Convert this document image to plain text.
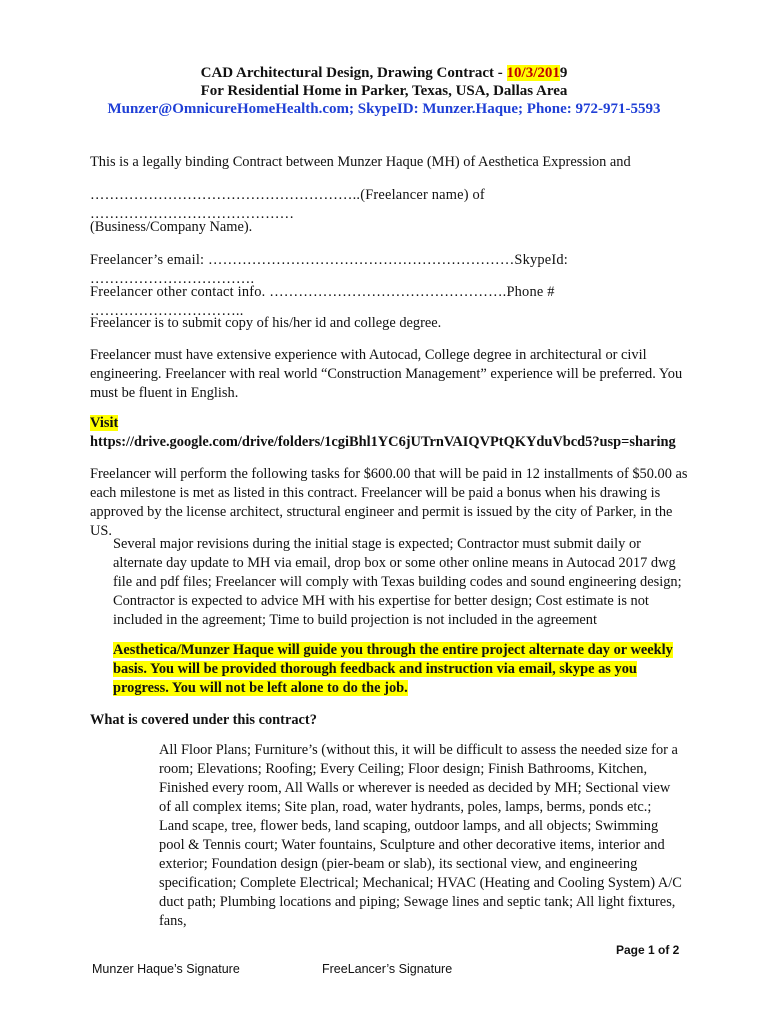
CAD Architectural Design, Drawing Contract - 10/3/2019
For Residential Home in Parker, Texas, USA, Dallas Area
Munzer@OmnicureHomeHealth.com; SkypeID: Munzer.Haque; Phone: 972-971-5593
This is a legally binding Contract between Munzer Haque (MH) of Aesthetica Expression and
………………………………………………..(Freelancer name) of ……………………………………
(Business/Company Name).
Freelancer’s email: ………………………………………………………SkypeId: …………………………….
Freelancer other contact info. ………………………………………….Phone # …………………………..
Freelancer is to submit copy of his/her id and college degree.
Freelancer must have extensive experience with Autocad, College degree in architectural or civil engineering. Freelancer with real world “Construction Management” experience will be preferred. You must be fluent in English.
Visit
https://drive.google.com/drive/folders/1cgiBhl1YC6jUTrnVAIQVPtQKYduVbcd5?usp=sharing
Freelancer will perform the following tasks for $600.00 that will be paid in 12 installments of $50.00 as each milestone is met as listed in this contract. Freelancer will be paid a bonus when his drawing is approved by the license architect, structural engineer and permit is issued by the city of Parker, in the US.
Several major revisions during the initial stage is expected; Contractor must submit daily or alternate day update to MH via email, drop box or some other online means in Autocad 2017 dwg file and pdf files; Freelancer will comply with Texas building codes and sound engineering design; Contractor is expected to advice MH with his expertise for better design; Cost estimate is not included in the agreement; Time to build projection is not included in the agreement
Aesthetica/Munzer Haque will guide you through the entire project alternate day or weekly basis. You will be provided thorough feedback and instruction via email, skype as you progress. You will not be left alone to do the job.
What is covered under this contract?
All Floor Plans; Furniture’s (without this, it will be difficult to assess the needed size for a room; Elevations; Roofing; Every Ceiling; Floor design; Finish Bathrooms, Kitchen, Finished every room, All Walls or wherever is needed as decided by MH; Sectional view of all complex items; Site plan, road, water hydrants, poles, lamps, berms, ponds etc.; Land scape, tree, flower beds, land scaping, outdoor lamps, and all objects; Swimming pool & Tennis court; Water fountains, Sculpture and other decorative items, interior and exterior; Foundation design (pier-beam or slab), its sectional view, and engineering specification; Complete Electrical; Mechanical; HVAC (Heating and Cooling System) A/C duct path; Plumbing locations and piping; Sewage lines and septic tank; All light fixtures, fans,
Page 1 of 2
Munzer Haque’s Signature	FreeLancer’s Signature
